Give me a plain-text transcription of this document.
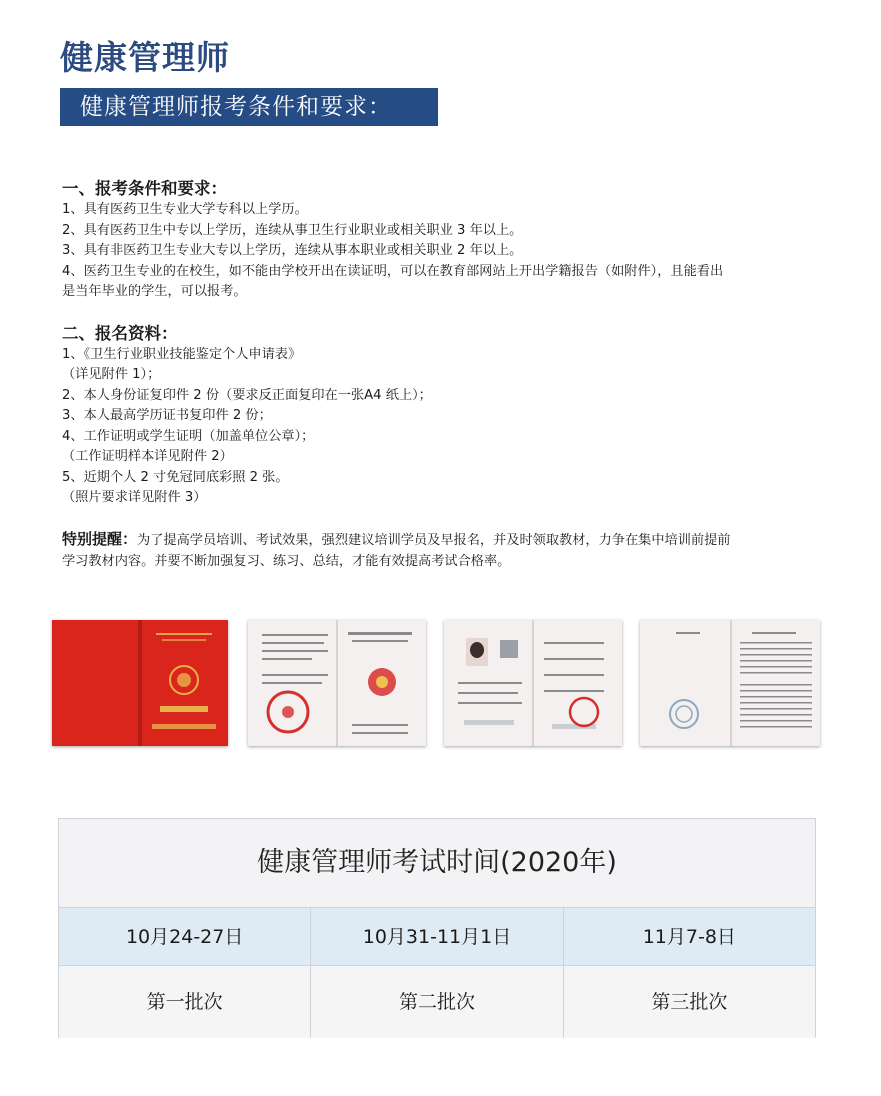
健康管理师
健康管理师报考条件和要求：

一、报考条件和要求：

1、具有医药卫生专业大学专科以上学历。

2、具有医药卫生中专以上学历，连续从事卫生行业职业或相关职业 3 年以上。

3、具有非医药卫生专业大专以上学历，连续从事本职业或相关职业 2 年以上。

4、医药卫生专业的在校生，如不能由学校开出在读证明，可以在教育部网站上开出学籍报告（如附件），且能看出

是当年毕业的学生，可以报考。

二、报名资料：

1、《卫生行业职业技能鉴定个人申请表》

（详见附件 1）；

2、本人身份证复印件 2 份（要求反正面复印在一张A4 纸上）；

3、本人最高学历证书复印件 2 份；

4、工作证明或学生证明（加盖单位公章）；

（工作证明样本详见附件 2）

5、近期个人 2 寸免冠同底彩照 2 张。

（照片要求详见附件 3）

特别提醒：为了提高学员培训、考试效果，强烈建议培训学员及早报名，并及时领取教材，力争在集中培训前提前

学习教材内容。并要不断加强复习、练习、总结，才能有效提高考试合格率。

健康管理师考试时间(2020年)
10月24-27日	10月31-11月1日	11月7-8日
第一批次	第二批次	第三批次
